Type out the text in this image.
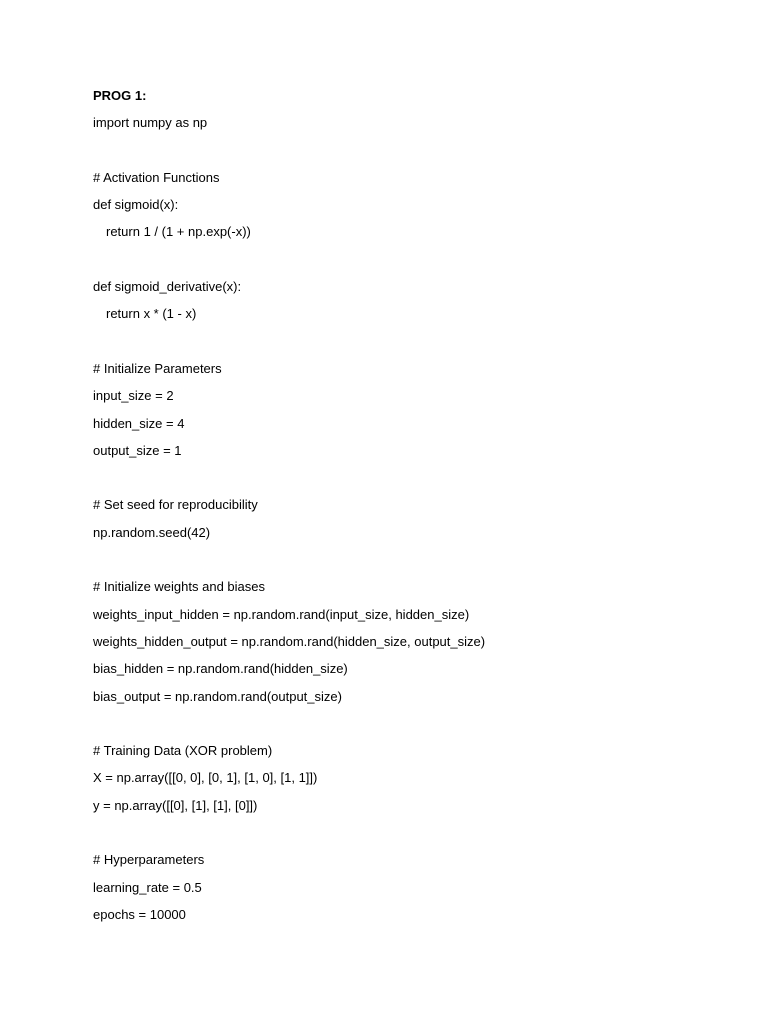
PROG 1:
import numpy as np
# Activation Functions
def sigmoid(x):
return 1 / (1 + np.exp(-x))
def sigmoid_derivative(x):
return x * (1 - x)
# Initialize Parameters
input_size = 2
hidden_size = 4
output_size = 1
# Set seed for reproducibility
np.random.seed(42)
# Initialize weights and biases
weights_input_hidden = np.random.rand(input_size, hidden_size)
weights_hidden_output = np.random.rand(hidden_size, output_size)
bias_hidden = np.random.rand(hidden_size)
bias_output = np.random.rand(output_size)
# Training Data (XOR problem)
X = np.array([[0, 0], [0, 1], [1, 0], [1, 1]])
y = np.array([[0], [1], [1], [0]])
# Hyperparameters
learning_rate = 0.5
epochs = 10000
